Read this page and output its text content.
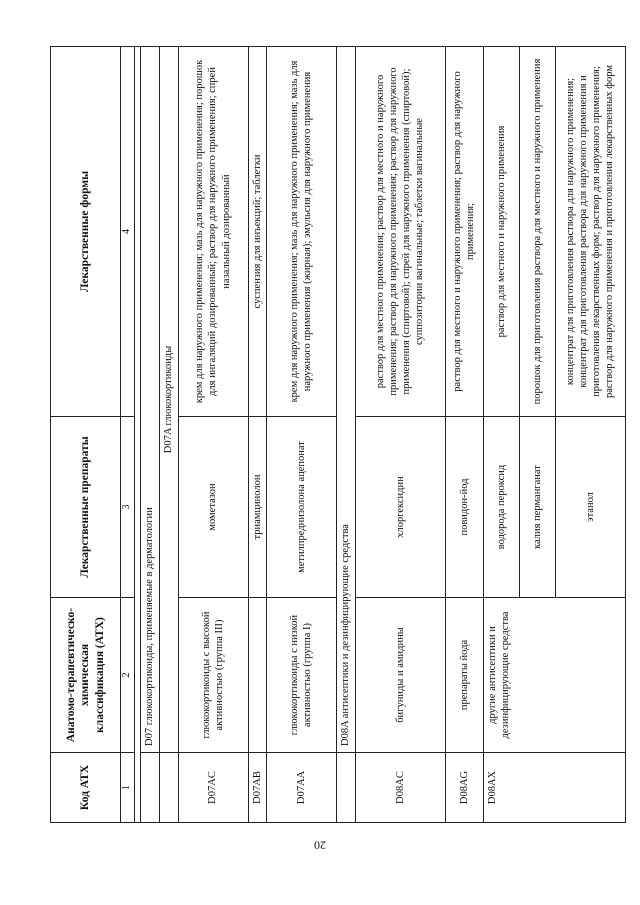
20
Код АТХ	Анатомо-терапевтическо-химическая классификация (АТХ)	Лекарственные препараты	Лекарственные формы
1	2	3	4

	D07 глюкокортикоиды, применяемые в дерматологии		
	D07A глюкокортикоиды		
D07AC	глюкокортикоиды с высокой активностью (группа III)	мометазон	крем для наружного применения; мазь для наружного применения; порошок для ингаляций дозированный; раствор для наружного применения; спрей назальный дозированный
D07AB		триамцинолон	суспензия для инъекций; таблетки
D07AA	глюкокортикоиды с низкой активностью (группа I)	метилпреднизолона ацепонат	крем для наружного применения; мазь для наружного применения; мазь для наружного применения (жирная); эмульсия для наружного применения
	D08A антисептики и дезинфицирующие средства		
D08AC	бигуниды и амидины	хлоргексидин	раствор для местного применения; раствор для местного и наружного применения; раствор для наружного применения; раствор для наружного применения (спиртовой); спрей для наружного применения (спиртовой); суппозитории вагинальные; таблетки вагинальные
D08AG	препараты йода	повидон-йод	раствор для местного и наружного применения; раствор для наружного применения;
D08AX	другие антисептики и дезинфицирующие средства	водорода пероксид	раствор для местного и наружного применения
		калия перманганат	порошок для приготовления раствора для местного и наружного применения
		этанол	концентрат для приготовления раствора для наружного применения; концентрат для приготовления раствора для наружного применения и приготовления лекарственных форм; раствор для наружного применения; раствор для наружного применения и приготовления лекарственных форм
